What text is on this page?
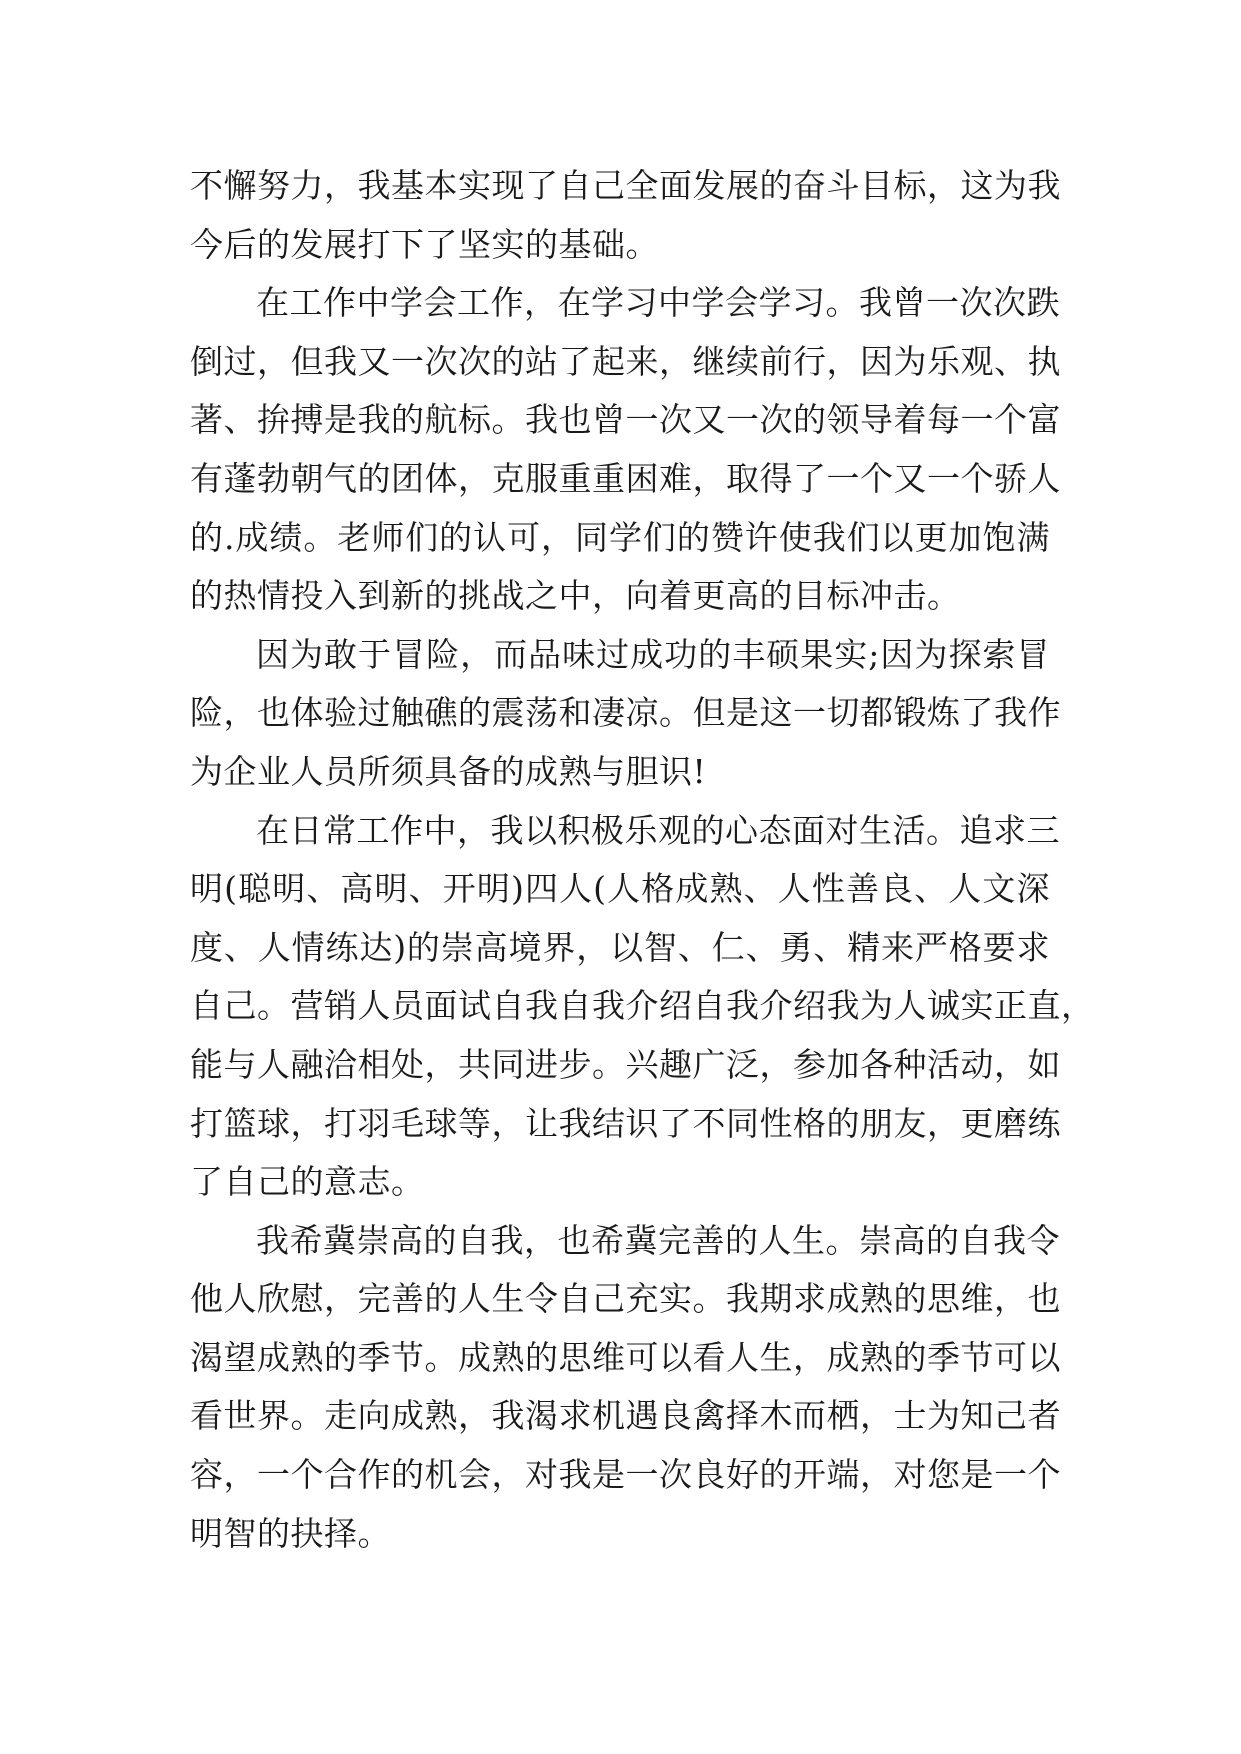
不懈努力，我基本实现了自己全面发展的奋斗目标，这为我
今后的发展打下了坚实的基础。
在工作中学会工作，在学习中学会学习。我曾一次次跌
倒过，但我又一次次的站了起来，继续前行，因为乐观、执
著、拚搏是我的航标。我也曾一次又一次的领导着每一个富
有蓬勃朝气的团体，克服重重困难，取得了一个又一个骄人
的.成绩。老师们的认可，同学们的赞许使我们以更加饱满
的热情投入到新的挑战之中，向着更高的目标冲击。
因为敢于冒险，而品味过成功的丰硕果实;因为探索冒
险，也体验过触礁的震荡和凄凉。但是这一切都锻炼了我作
为企业人员所须具备的成熟与胆识!
在日常工作中，我以积极乐观的心态面对生活。追求三
明(聪明、高明、开明)四人(人格成熟、人性善良、人文深
度、人情练达)的崇高境界，以智、仁、勇、精来严格要求
自己。营销人员面试自我自我介绍自我介绍我为人诚实正直，
能与人融洽相处，共同进步。兴趣广泛，参加各种活动，如
打篮球，打羽毛球等，让我结识了不同性格的朋友，更磨练
了自己的意志。
我希冀崇高的自我，也希冀完善的人生。崇高的自我令
他人欣慰，完善的人生令自己充实。我期求成熟的思维，也
渴望成熟的季节。成熟的思维可以看人生，成熟的季节可以
看世界。走向成熟，我渴求机遇良禽择木而栖，士为知己者
容，一个合作的机会，对我是一次良好的开端，对您是一个
明智的抉择。
